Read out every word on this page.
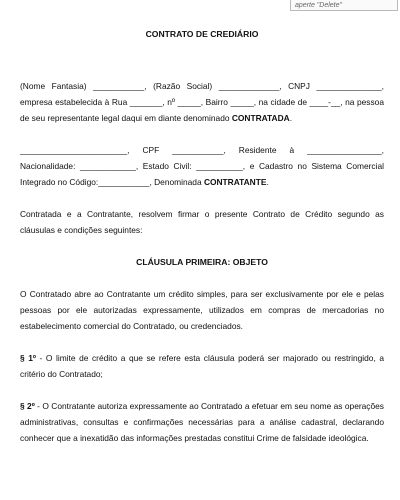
aperte "Delete"
CONTRATO DE CREDIÁRIO

(Nome Fantasia) ___________, (Razão Social) _____________, CNPJ ______________, empresa estabelecida à Rua _______, nº _____, Bairro _____, na cidade de ____-__, na pessoa de seu representante legal daqui em diante denominado CONTRATADA.

_______________________, CPF ___________, Residente à ________________, Nacionalidade: ____________, Estado Civil: __________, e Cadastro no Sistema Comercial Integrado no Código:___________, Denominada CONTRATANTE.

Contratada e a Contratante, resolvem firmar o presente Contrato de Crédito segundo as cláusulas e condições seguintes:

CLÁUSULA PRIMEIRA: OBJETO

O Contratado abre ao Contratante um crédito simples, para ser exclusivamente por ele e pelas pessoas por ele autorizadas expressamente, utilizados em compras de mercadorias no estabelecimento comercial do Contratado, ou credenciados.

§ 1º - O limite de crédito a que se refere esta cláusula poderá ser majorado ou restringido, a critério do Contratado;

§ 2º - O Contratante autoriza expressamente ao Contratado a efetuar em seu nome as operações administrativas, consultas e confirmações necessárias para a análise cadastral, declarando conhecer que a inexatidão das informações prestadas constitui Crime de falsidade ideológica.
